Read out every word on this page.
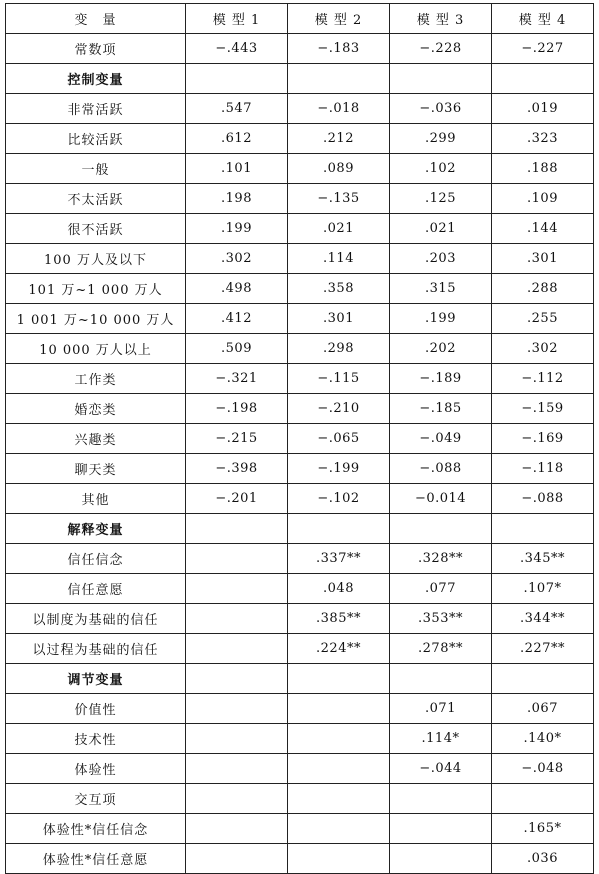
变　量	模 型 1	模 型 2	模 型 3	模 型 4
常数项	−.443	−.183	−.228	−.227
控制变量				
非常活跃	.547	−.018	−.036	.019
比较活跃	.612	.212	.299	.323
一般	.101	.089	.102	.188
不太活跃	.198	−.135	.125	.109
很不活跃	.199	.021	.021	.144
100 万人及以下	.302	.114	.203	.301
101 万~1 000 万人	.498	.358	.315	.288
1 001 万~10 000 万人	.412	.301	.199	.255
10 000 万人以上	.509	.298	.202	.302
工作类	−.321	−.115	−.189	−.112
婚恋类	−.198	−.210	−.185	−.159
兴趣类	−.215	−.065	−.049	−.169
聊天类	−.398	−.199	−.088	−.118
其他	−.201	−.102	−0.014	−.088
解释变量				
信任信念		.337**	.328**	.345**
信任意愿		.048	.077	.107*
以制度为基础的信任		.385**	.353**	.344**
以过程为基础的信任		.224**	.278**	.227**
调节变量				
价值性			.071	.067
技术性			.114*	.140*
体验性			−.044	−.048
交互项				
体验性*信任信念				.165*
体验性*信任意愿				.036
